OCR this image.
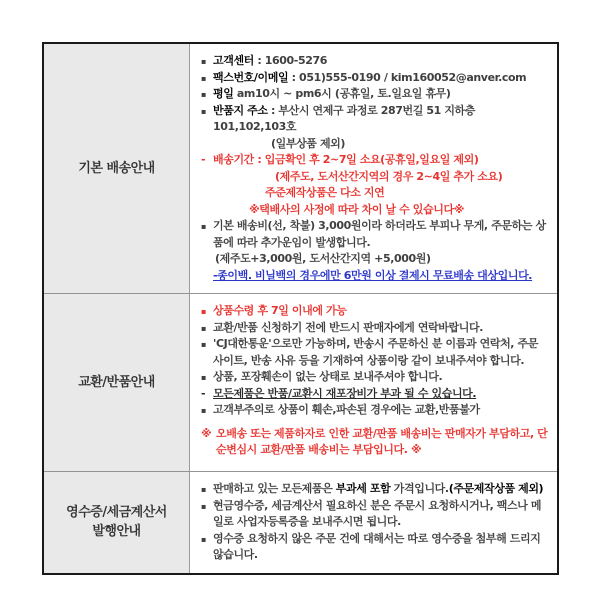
기본 배송안내
▪ 고객센터 : 1600-5276
▪ 팩스번호/이메일 : 051)555-0190 / kim160052@anver.com
▪ 평일 am10시 ~ pm6시 (공휴일, 토.일요일 휴무)
▪ 반품지 주소 : 부산시 연제구 과정로 287번길 51 지하층 101,102,103호
(일부상품 제외)
- 배송기간 : 입금확인 후 2~7일 소요(공휴일,일요일 제외)
(제주도, 도서산간지역의 경우 2~4일 추가 소요)
주준제작상품은 다소 지연
※택배사의 사정에 따라 차이 날 수 있습니다※
▪ 기본 배송비(선, 착불) 3,000원이라 하더라도 부피나 무게, 주문하는 상품에 따라 추가운임이 발생합니다.
(제주도+3,000원, 도서산간지역 +5,000원)
-종이백. 비닐백의 경우에만 6만원 이상 결제시 무료배송 대상입니다.
교환/반품안내
▪ 상품수령 후 7일 이내에 가능
▪ 교환/반품 신청하기 전에 반드시 판매자에게 연락바랍니다.
▪ 'CJ대한통운'으로만 가능하며, 반송시 주문하신 분 이름과 연락처, 주문 사이트, 반송 사유 등을 기재하여 상품이랑 같이 보내주셔야 합니다.
▪ 상품, 포장훼손이 없는 상태로 보내주셔야 합니다.
- 모든제품은 반품/교환시 재포장비가 부과 될 수 있습니다.
▪ 고객부주의로 상품이 훼손,파손된 경우에는 교환,반품불가
※ 오배송 또는 제품하자로 인한 교환/판품 배송비는 판매자가 부담하고, 단순변심시 교환/판품 배송비는 부담입니다. ※
영수증/세금계산서
발행안내
▪ 판매하고 있는 모든제품은 부과세 포함 가격입니다.(주문제작상품 제외)
▪ 현금영수증, 세금계산서 필요하신 분은 주문시 요청하시거나, 팩스나 메일로 사업자등록증을 보내주시면 됩니다.
▪ 영수증 요청하지 않은 주문 건에 대해서는 따로 영수증을 첨부해 드리지 않습니다.
